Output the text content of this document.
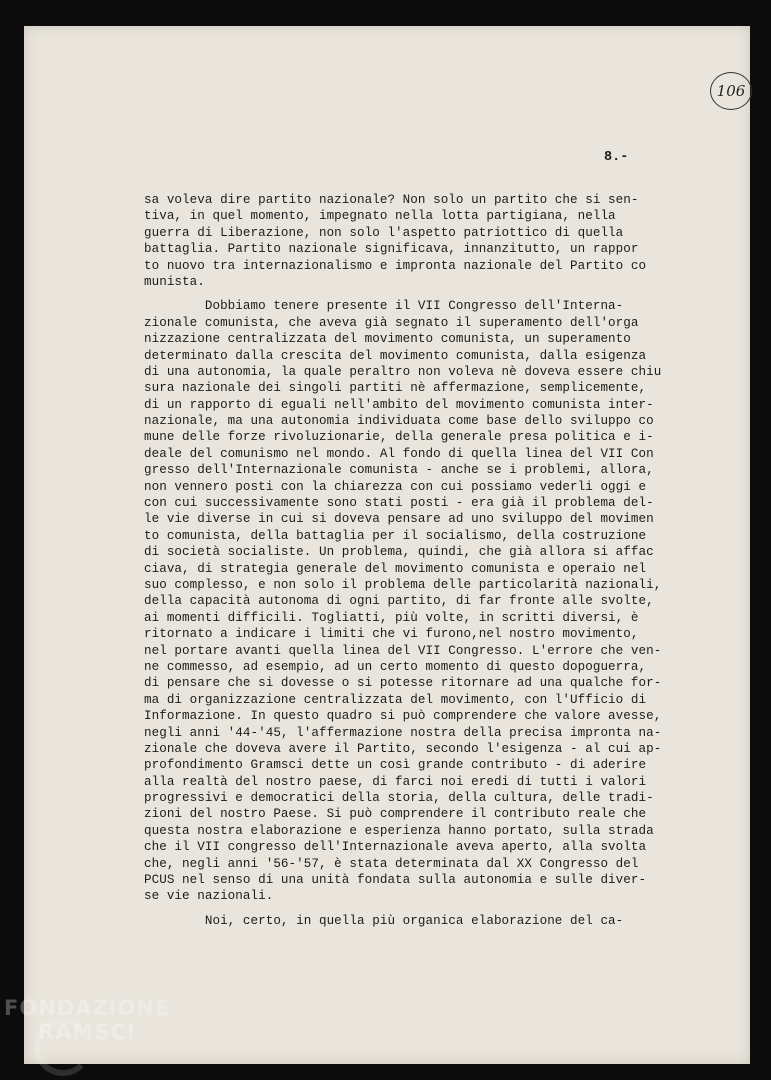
106
8.-
sa voleva dire partito nazionale? Non solo un partito che si sen-
tiva, in quel momento, impegnato nella lotta partigiana, nella
guerra di Liberazione, non solo l'aspetto patriottico di quella
battaglia. Partito nazionale significava, innanzitutto, un rappor
to nuovo tra internazionalismo e impronta nazionale del Partito co
munista.
Dobbiamo tenere presente il VII Congresso dell'Interna-
zionale comunista, che aveva già segnato il superamento dell'orga
nizzazione centralizzata del movimento comunista, un superamento
determinato dalla crescita del movimento comunista, dalla esigenza
di una autonomia, la quale peraltro non voleva nè doveva essere chiu
sura nazionale dei singoli partiti nè affermazione, semplicemente,
di un rapporto di eguali nell'ambito del movimento comunista inter-
nazionale, ma una autonomia individuata come base dello sviluppo co
mune delle forze rivoluzionarie, della generale presa politica e i-
deale del comunismo nel mondo. Al fondo di quella linea del VII Con
gresso dell'Internazionale comunista - anche se i problemi, allora,
non vennero posti con la chiarezza con cui possiamo vederli oggi e
con cui successivamente sono stati posti - era già il problema del-
le vie diverse in cui si doveva pensare ad uno sviluppo del movimen
to comunista, della battaglia per il socialismo, della costruzione
di società socialiste. Un problema, quindi, che già allora si affac
ciava, di strategia generale del movimento comunista e operaio nel
suo complesso, e non solo il problema delle particolarità nazionali,
della capacità autonoma di ogni partito, di far fronte alle svolte,
ai momenti difficili. Togliatti, più volte, in scritti diversi, è
ritornato a indicare i limiti che vi furono,nel nostro movimento,
nel portare avanti quella linea del VII Congresso. L'errore che ven-
ne commesso, ad esempio, ad un certo momento di questo dopoguerra,
di pensare che si dovesse o si potesse ritornare ad una qualche for-
ma di organizzazione centralizzata del movimento, con l'Ufficio di
Informazione. In questo quadro si può comprendere che valore avesse,
negli anni '44-'45, l'affermazione nostra della precisa impronta na-
zionale che doveva avere il Partito, secondo l'esigenza - al cui ap-
profondimento Gramsci dette un così grande contributo - di aderire
alla realtà del nostro paese, di farci noi eredi di tutti i valori
progressivi e democratici della storia, della cultura, delle tradi-
zioni del nostro Paese. Si può comprendere il contributo reale che
questa nostra elaborazione e esperienza hanno portato, sulla strada
che il VII congresso dell'Internazionale aveva aperto, alla svolta
che, negli anni '56-'57, è stata determinata dal XX Congresso del
PCUS nel senso di una unità fondata sulla autonomia e sulle diver-
se vie nazionali.
Noi, certo, in quella più organica elaborazione del ca-
FONDAZIONE
RAMSCI
